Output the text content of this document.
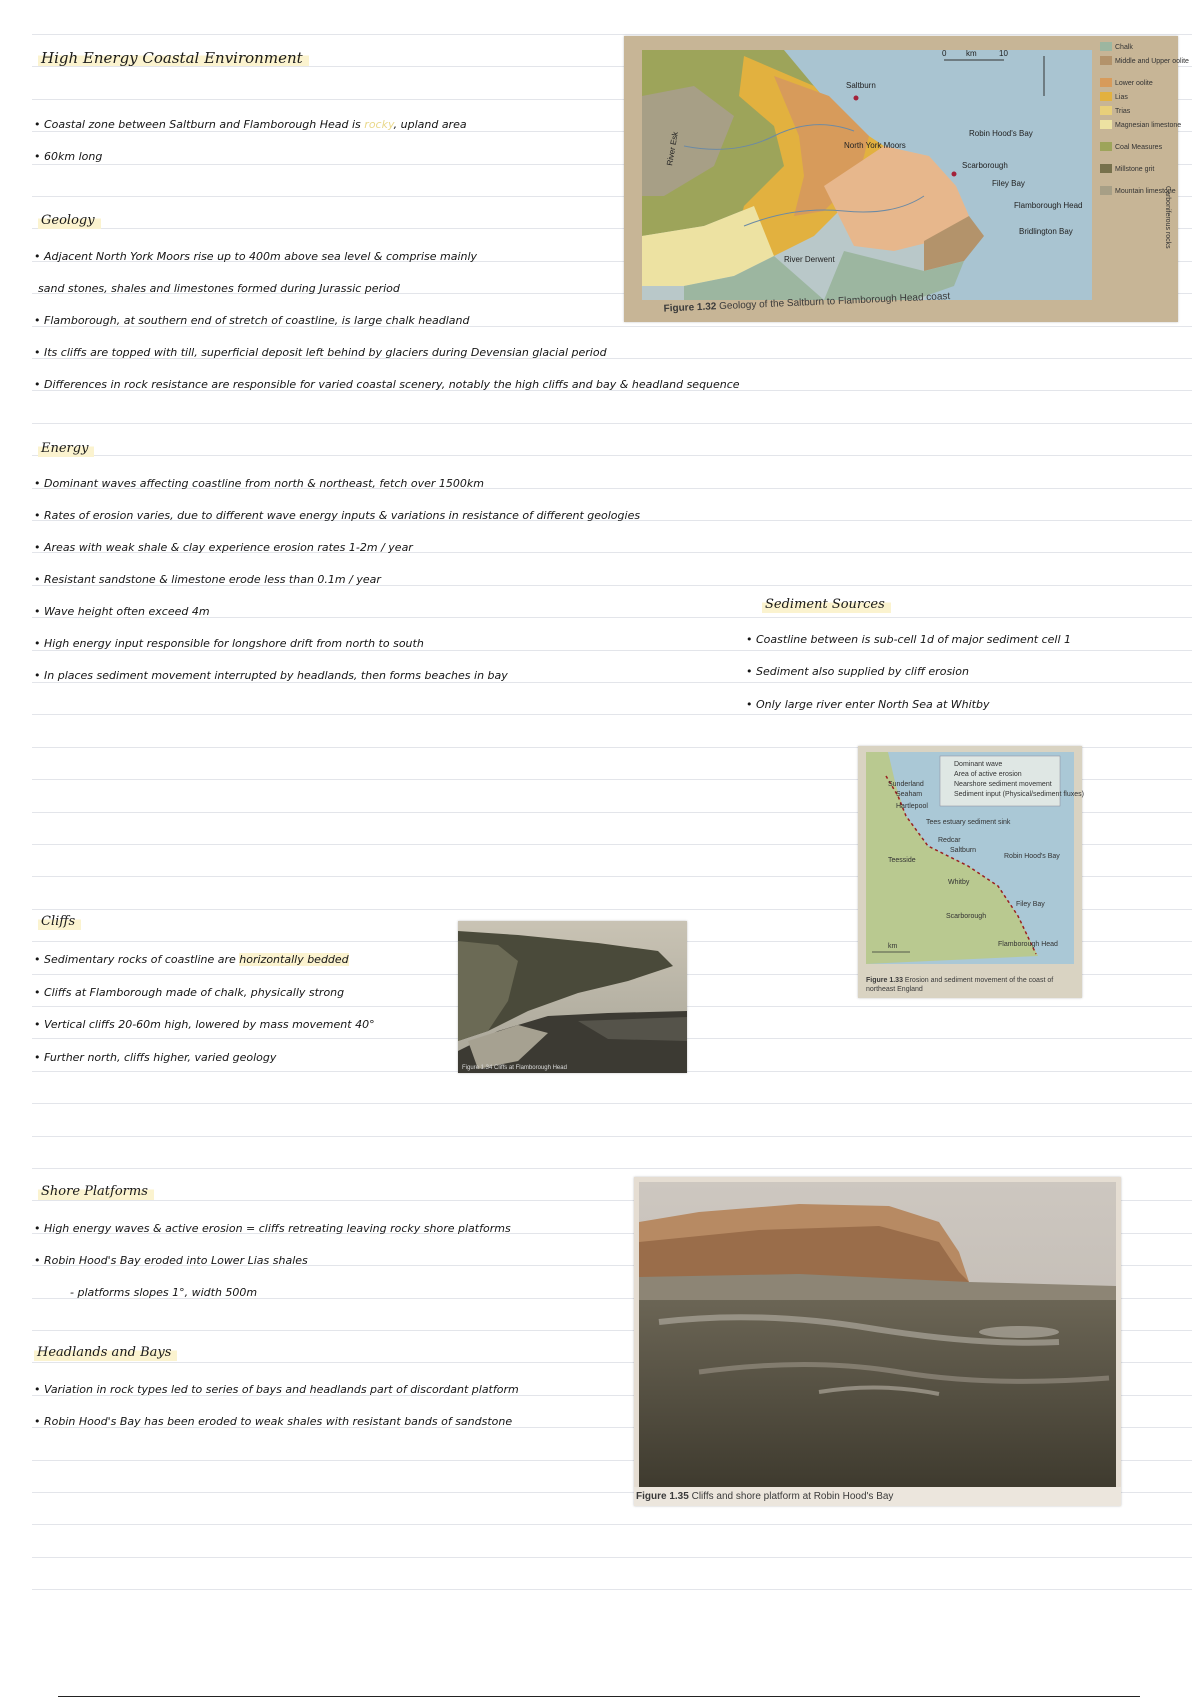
High Energy Coastal Environment
• Coastal zone between Saltburn and Flamborough Head is rocky, upland area
• 60km long
Geology
• Adjacent North York Moors rise up to 400m above sea level & comprise mainly
sand stones, shales and limestones formed during Jurassic period
• Flamborough, at southern end of stretch of coastline, is large chalk headland
• Its cliffs are topped with till, superficial deposit left behind by glaciers during Devensian glacial period
• Differences in rock resistance are responsible for varied coastal scenery, notably the high cliffs and bay & headland sequence
Saltburn
Robin Hood's Bay
Scarborough
Filey Bay
Flamborough Head
Bridlington Bay
North York Moors
River Esk
River Derwent
0 km	10
Chalk
Middle and Upper oolite
Lower oolite
Lias
Trias
Magnesian limestone
Coal Measures
Millstone grit
Mountain limestone
Carboniferous rocks
Figure 1.32 Geology of the Saltburn to Flamborough Head coast
Energy
• Dominant waves affecting coastline from north & northeast, fetch over 1500km
• Rates of erosion varies, due to different wave energy inputs & variations in resistance of different geologies
• Areas with weak shale & clay experience erosion rates 1-2m / year
• Resistant sandstone & limestone erode less than 0.1m / year
• Wave height often exceed 4m
• High energy input responsible for longshore drift from north to south
• In places sediment movement interrupted by headlands, then forms beaches in bay
Sediment Sources
• Coastline between is sub-cell 1d of major sediment cell 1
• Sediment also supplied by cliff erosion
• Only large river enter North Sea at Whitby
Dominant wave
Area of active erosion
Nearshore sediment movement
Sediment input (Physical/sediment fluxes)
Sunderland
Seaham
Hartlepool
Tees estuary sediment sink
Redcar
Saltburn
Teesside
Whitby
Robin Hood's Bay
Scarborough
Filey Bay
Flamborough Head
km
Figure 1.33 Erosion and sediment movement of the coast of northeast England
Cliffs
• Sedimentary rocks of coastline are horizontally bedded
• Cliffs at Flamborough made of chalk, physically strong
• Vertical cliffs 20-60m high, lowered by mass movement 40°
• Further north, cliffs higher, varied geology
Figure 1.34 Cliffs at Flamborough Head
Shore Platforms
• High energy waves & active erosion = cliffs retreating leaving rocky shore platforms
• Robin Hood's Bay eroded into Lower Lias shales
- platforms slopes 1°, width 500m
Headlands and Bays
• Variation in rock types led to series of bays and headlands part of discordant platform
• Robin Hood's Bay has been eroded to weak shales with resistant bands of sandstone
Figure 1.35 Cliffs and shore platform at Robin Hood's Bay
